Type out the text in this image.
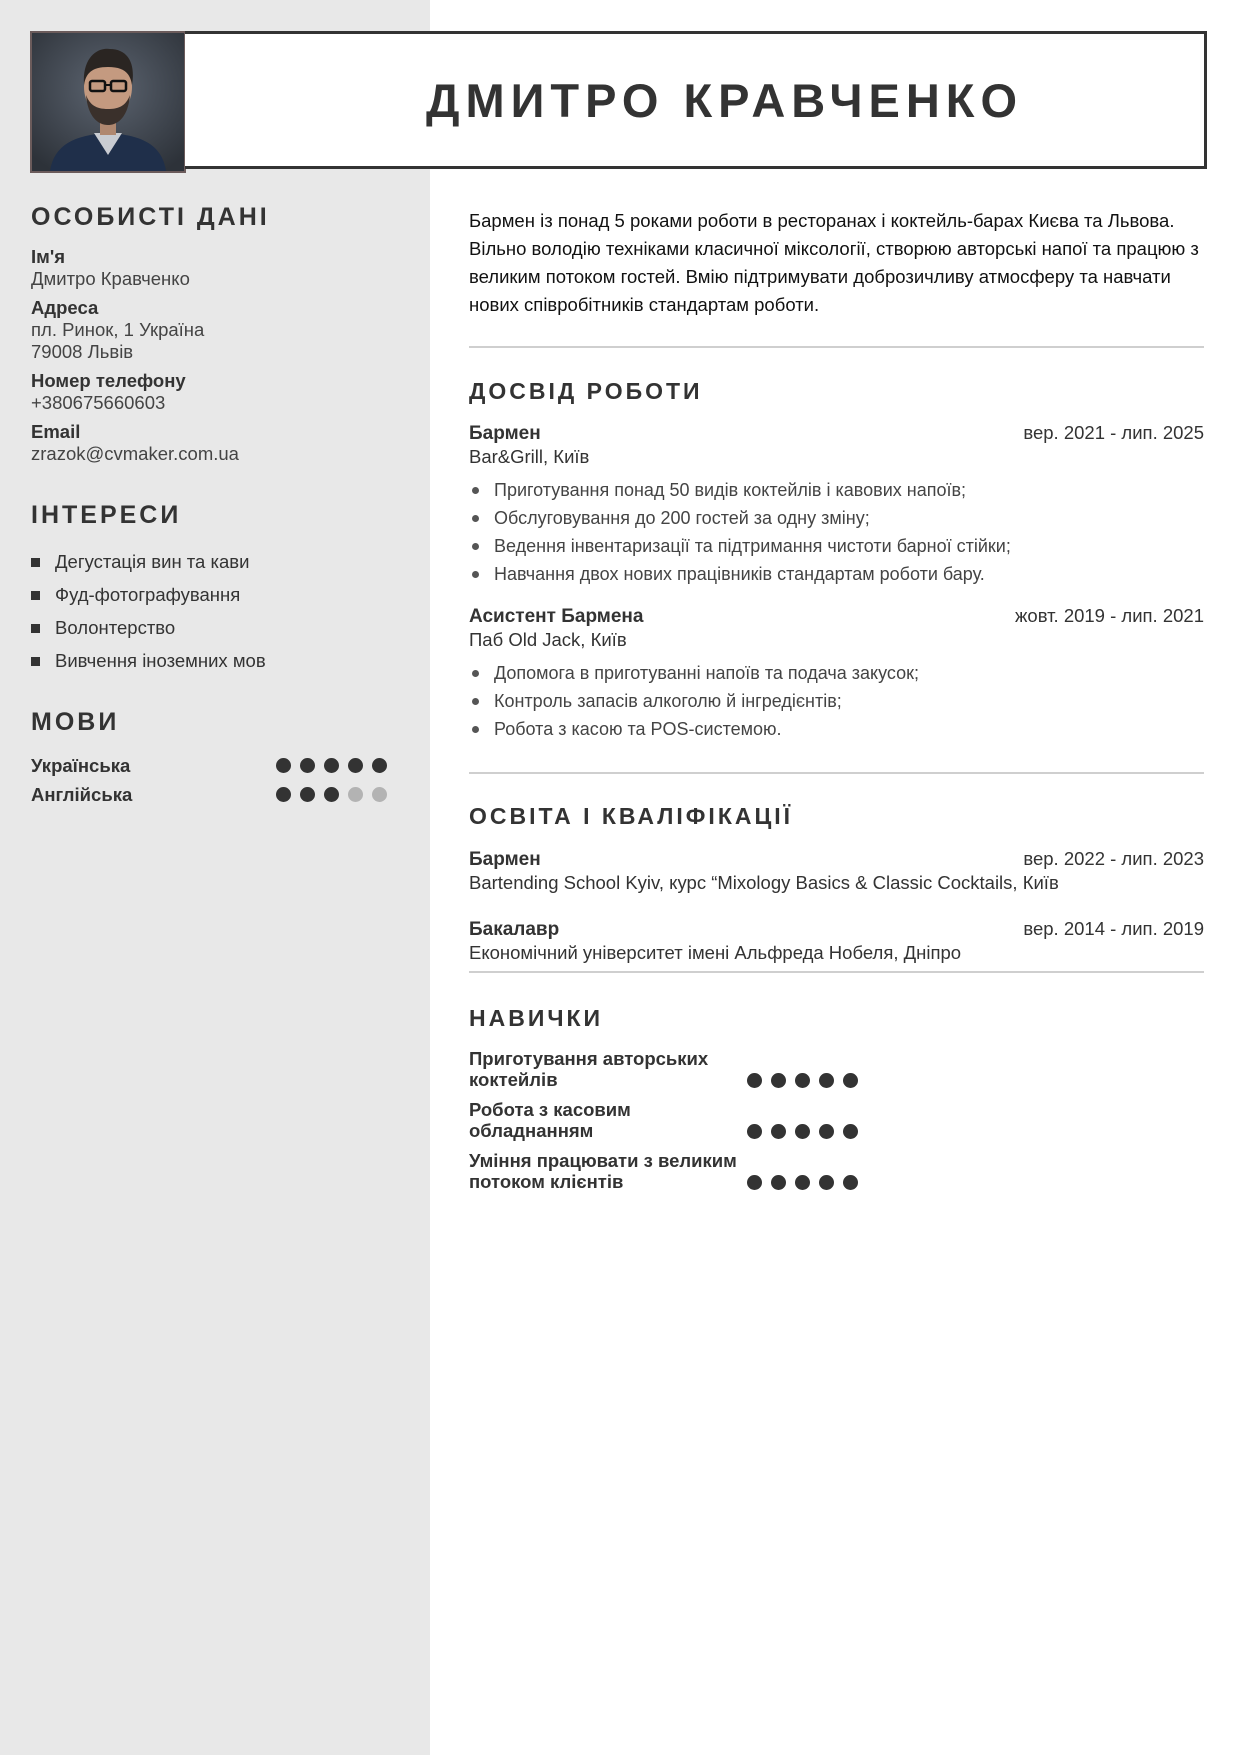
ДМИТРО КРАВЧЕНКО
ОСОБИСТІ ДАНІ
Ім'я
Дмитро Кравченко
Адреса
пл. Ринок, 1 Україна
79008 Львів
Номер телефону
+380675660603
Email
zrazok@cvmaker.com.ua
ІНТЕРЕСИ
Дегустація вин та кави
Фуд-фотографування
Волонтерство
Вивчення іноземних мов
МОВИ
Українська
Англійська
Бармен із понад 5 роками роботи в ресторанах і коктейль-барах Києва та Львова. Вільно володію техніками класичної міксології, створюю авторські напої та працюю з великим потоком гостей. Вмію підтримувати доброзичливу атмосферу та навчати нових співробітників стандартам роботи.
ДОСВІД РОБОТИ
Бармен	вер. 2021 - лип. 2025
Bar&Grill, Київ
Приготування понад 50 видів коктейлів і кавових напоїв;
Обслуговування до 200 гостей за одну зміну;
Ведення інвентаризації та підтримання чистоти барної стійки;
Навчання двох нових працівників стандартам роботи бару.
Асистент Бармена	жовт. 2019 - лип. 2021
Паб Old Jack, Київ
Допомога в приготуванні напоїв та подача закусок;
Контроль запасів алкоголю й інгредієнтів;
Робота з касою та POS-системою.
ОСВІТА І КВАЛІФІКАЦІЇ
Бармен	вер. 2022 - лип. 2023
Bartending School Kyiv, курс “Mixology Basics & Classic Cocktails, Київ
Бакалавр	вер. 2014 - лип. 2019
Економічний університет імені Альфреда Нобеля, Дніпро
НАВИЧКИ
Приготування авторських коктейлів
Робота з касовим обладнанням
Уміння працювати з великим потоком клієнтів
